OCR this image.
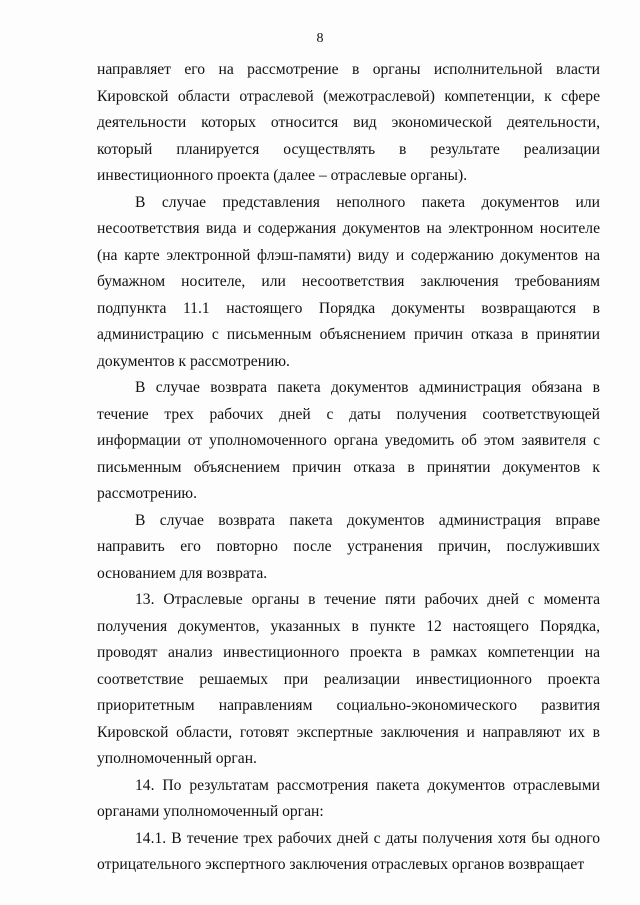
8

направляет его на рассмотрение в органы исполнительной власти Кировской области отраслевой (межотраслевой) компетенции, к сфере деятельности которых относится вид экономической деятельности, который планируется осуществлять в результате реализации инвестиционного проекта (далее – отраслевые органы).

В случае представления неполного пакета документов или несоответствия вида и содержания документов на электронном носителе (на карте электронной флэш-памяти) виду и содержанию документов на бумажном носителе, или несоответствия заключения требованиям подпункта 11.1 настоящего Порядка документы возвращаются в администрацию с письменным объяснением причин отказа в принятии документов к рассмотрению.

В случае возврата пакета документов администрация обязана в течение трех рабочих дней с даты получения соответствующей информации от уполномоченного органа уведомить об этом заявителя с письменным объяснением причин отказа в принятии документов к рассмотрению.

В случае возврата пакета документов администрация вправе направить его повторно после устранения причин, послуживших основанием для возврата.

13. Отраслевые органы в течение пяти рабочих дней с момента получения документов, указанных в пункте 12 настоящего Порядка, проводят анализ инвестиционного проекта в рамках компетенции на соответствие решаемых при реализации инвестиционного проекта приоритетным направлениям социально-экономического развития Кировской области, готовят экспертные заключения и направляют их в уполномоченный орган.

14. По результатам рассмотрения пакета документов отраслевыми органами уполномоченный орган:

14.1. В течение трех рабочих дней с даты получения хотя бы одного отрицательного экспертного заключения отраслевых органов возвращает
